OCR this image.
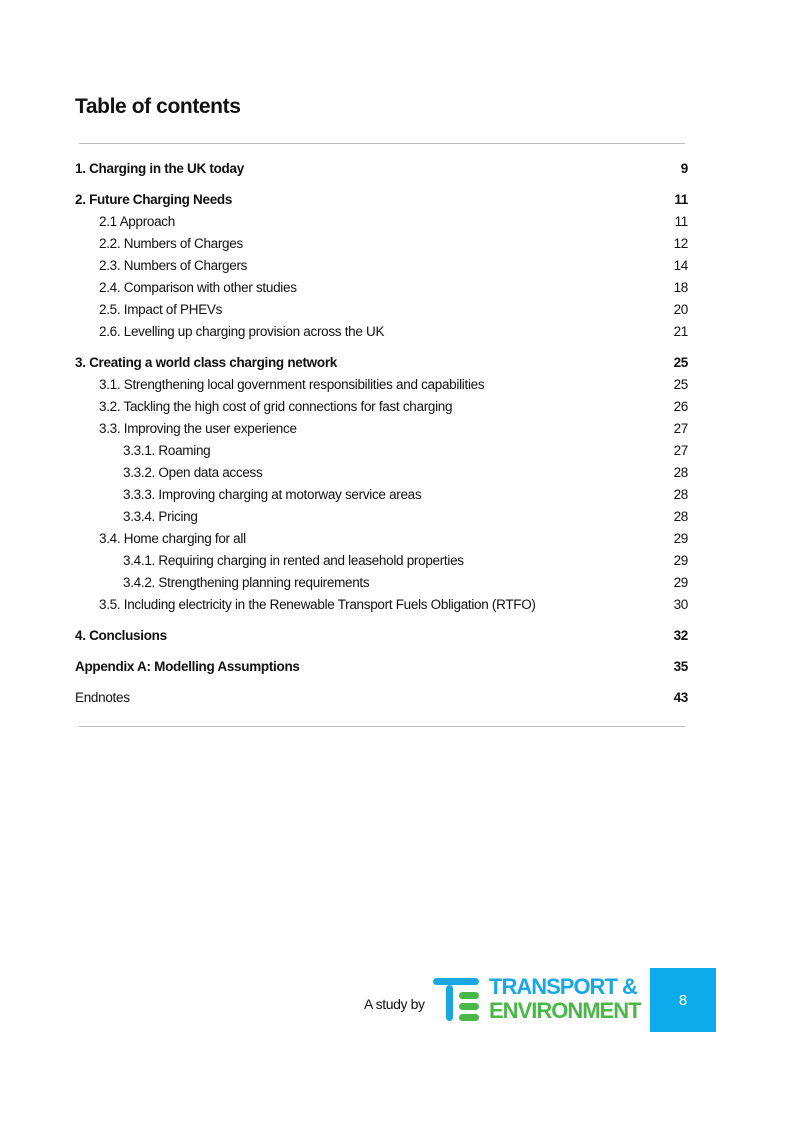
Table of contents
1. Charging in the UK today	9
2. Future Charging Needs	11
2.1 Approach	11
2.2. Numbers of Charges	12
2.3. Numbers of Chargers	14
2.4. Comparison with other studies	18
2.5. Impact of PHEVs	20
2.6. Levelling up charging provision across the UK	21
3. Creating a world class charging network	25
3.1. Strengthening local government responsibilities and capabilities	25
3.2. Tackling the high cost of grid connections for fast charging	26
3.3. Improving the user experience	27
3.3.1. Roaming	27
3.3.2. Open data access	28
3.3.3. Improving charging at motorway service areas	28
3.3.4. Pricing	28
3.4. Home charging for all	29
3.4.1. Requiring charging in rented and leasehold properties	29
3.4.2. Strengthening planning requirements	29
3.5. Including electricity in the Renewable Transport Fuels Obligation (RTFO)	30
4. Conclusions	32
Appendix A: Modelling Assumptions	35
Endnotes	43
A study by
TRANSPORT &
ENVIRONMENT	8
